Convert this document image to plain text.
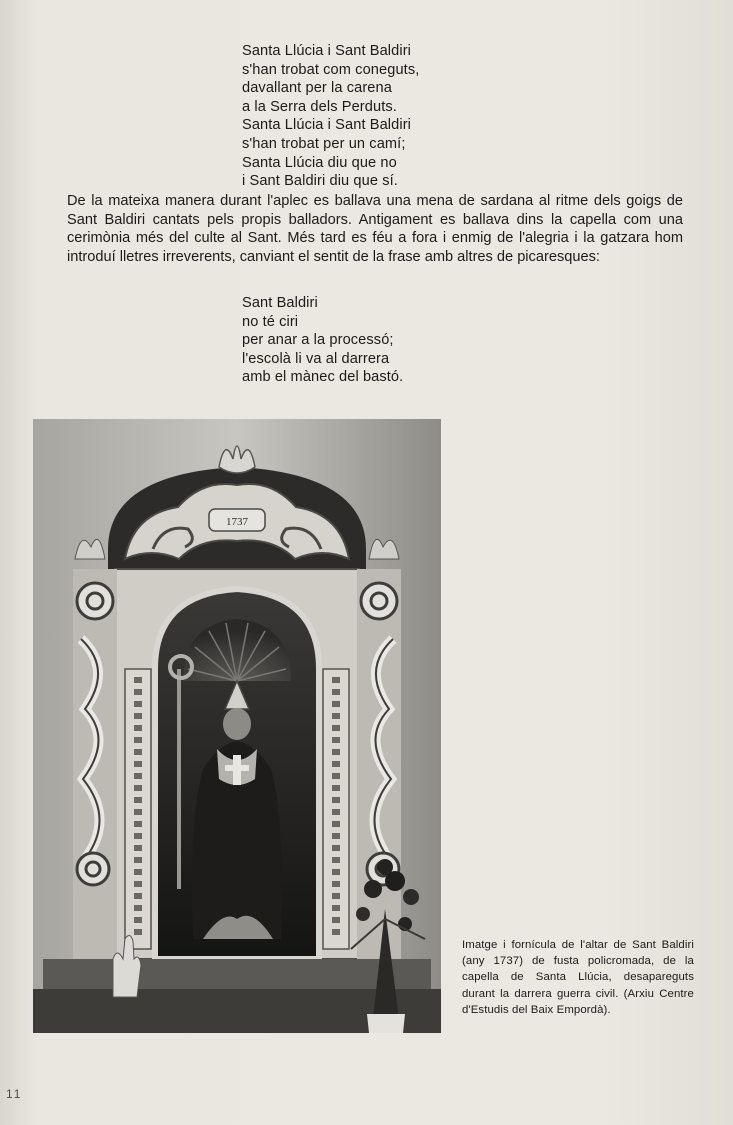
Santa Llúcia i Sant Baldiri
s'han trobat com coneguts,
davallant per la carena
a la Serra dels Perduts.
Santa Llúcia i Sant Baldiri
s'han trobat per un camí;
Santa Llúcia diu que no
i Sant Baldiri diu que sí.

De la mateixa manera durant l'aplec es ballava una mena de sardana al ritme dels goigs de Sant Baldiri cantats pels propis balladors. Antigament es ballava dins la capella com una cerimònia més del culte al Sant. Més tard es féu a fora i enmig de l'alegria i la gatzara hom introduí lletres irreverents, canviant el sentit de la frase amb altres de picaresques:

Sant Baldiri
no té ciri
per anar a la processó;
l'escolà li va al darrera
amb el mànec del bastó.
1737

Imatge i fornícula de l'altar de Sant Baldiri (any 1737) de fusta policromada, de la capella de Santa Llúcia, desapareguts durant la darrera guerra civil. (Arxiu Centre d'Estudis del Baix Empordà).

11
